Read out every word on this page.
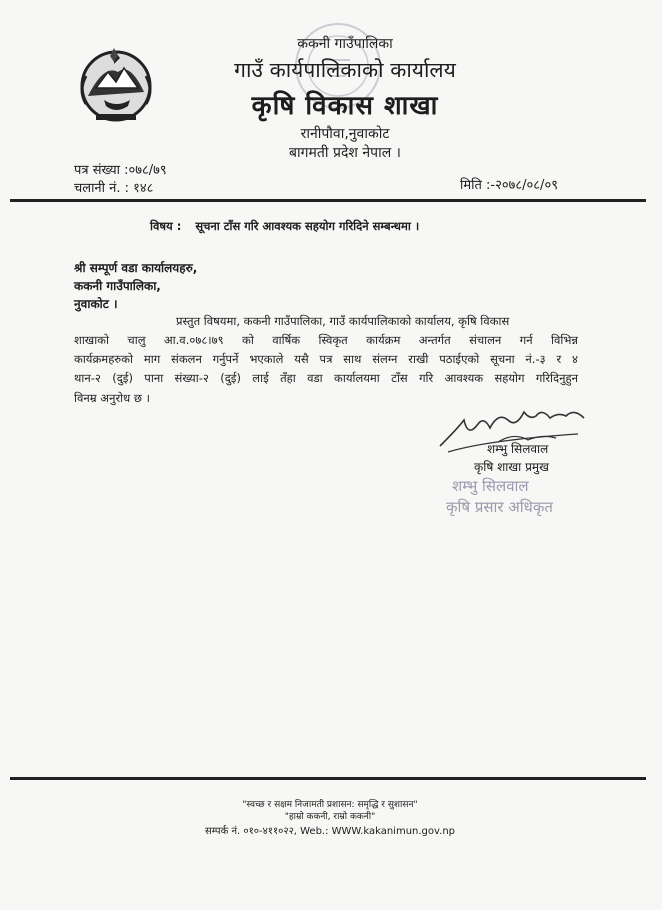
ककनी गाउँपालिका
गाउँ कार्यपालिकाको कार्यालय
कृषि विकास शाखा
रानीपौवा,नुवाकोट
बागमती प्रदेश नेपाल ।
पत्र संख्या :०७८/७९
चलानी नं. : १४८	मिति :-२०७८/०८/०९
विषय : सूचना टाँस गरि आवश्यक सहयोग गरिदिने सम्बन्धमा ।
श्री सम्पूर्ण वडा कार्यालयहरु,
ककनी गाउँपालिका,
नुवाकोट ।
प्रस्तुत विषयमा, ककनी गाउँपालिका, गाउँ कार्यपालिकाको कार्यालय, कृषि विकास
शाखाको चालु आ.व.०७८।७९ को वार्षिक स्विकृत कार्यक्रम अन्तर्गत संचालन गर्न विभिन्न
कार्यक्रमहरुको माग संकलन गर्नुपर्ने भएकाले यसै पत्र साथ संलग्न राखी पठाईएको सूचना नं.-३ र ४
थान-२ (दुई) पाना संख्या-२ (दुई) लाई तँहा वडा कार्यालयमा टाँस गरि आवश्यक सहयोग गरिदिनुहुन
विनम्र अनुरोध छ ।
शम्भु सिलवाल
कृषि शाखा प्रमुख
शम्भु सिलवाल
कृषि प्रसार अधिकृत
"स्वच्छ र सक्षम निजामती प्रशासन: समृद्धि र सुशासन"
"हाम्रो ककनी, राम्रो ककनी"
सम्पर्क नं. ०१०-४११०२२, Web.: WWW.kakanimun.gov.np
